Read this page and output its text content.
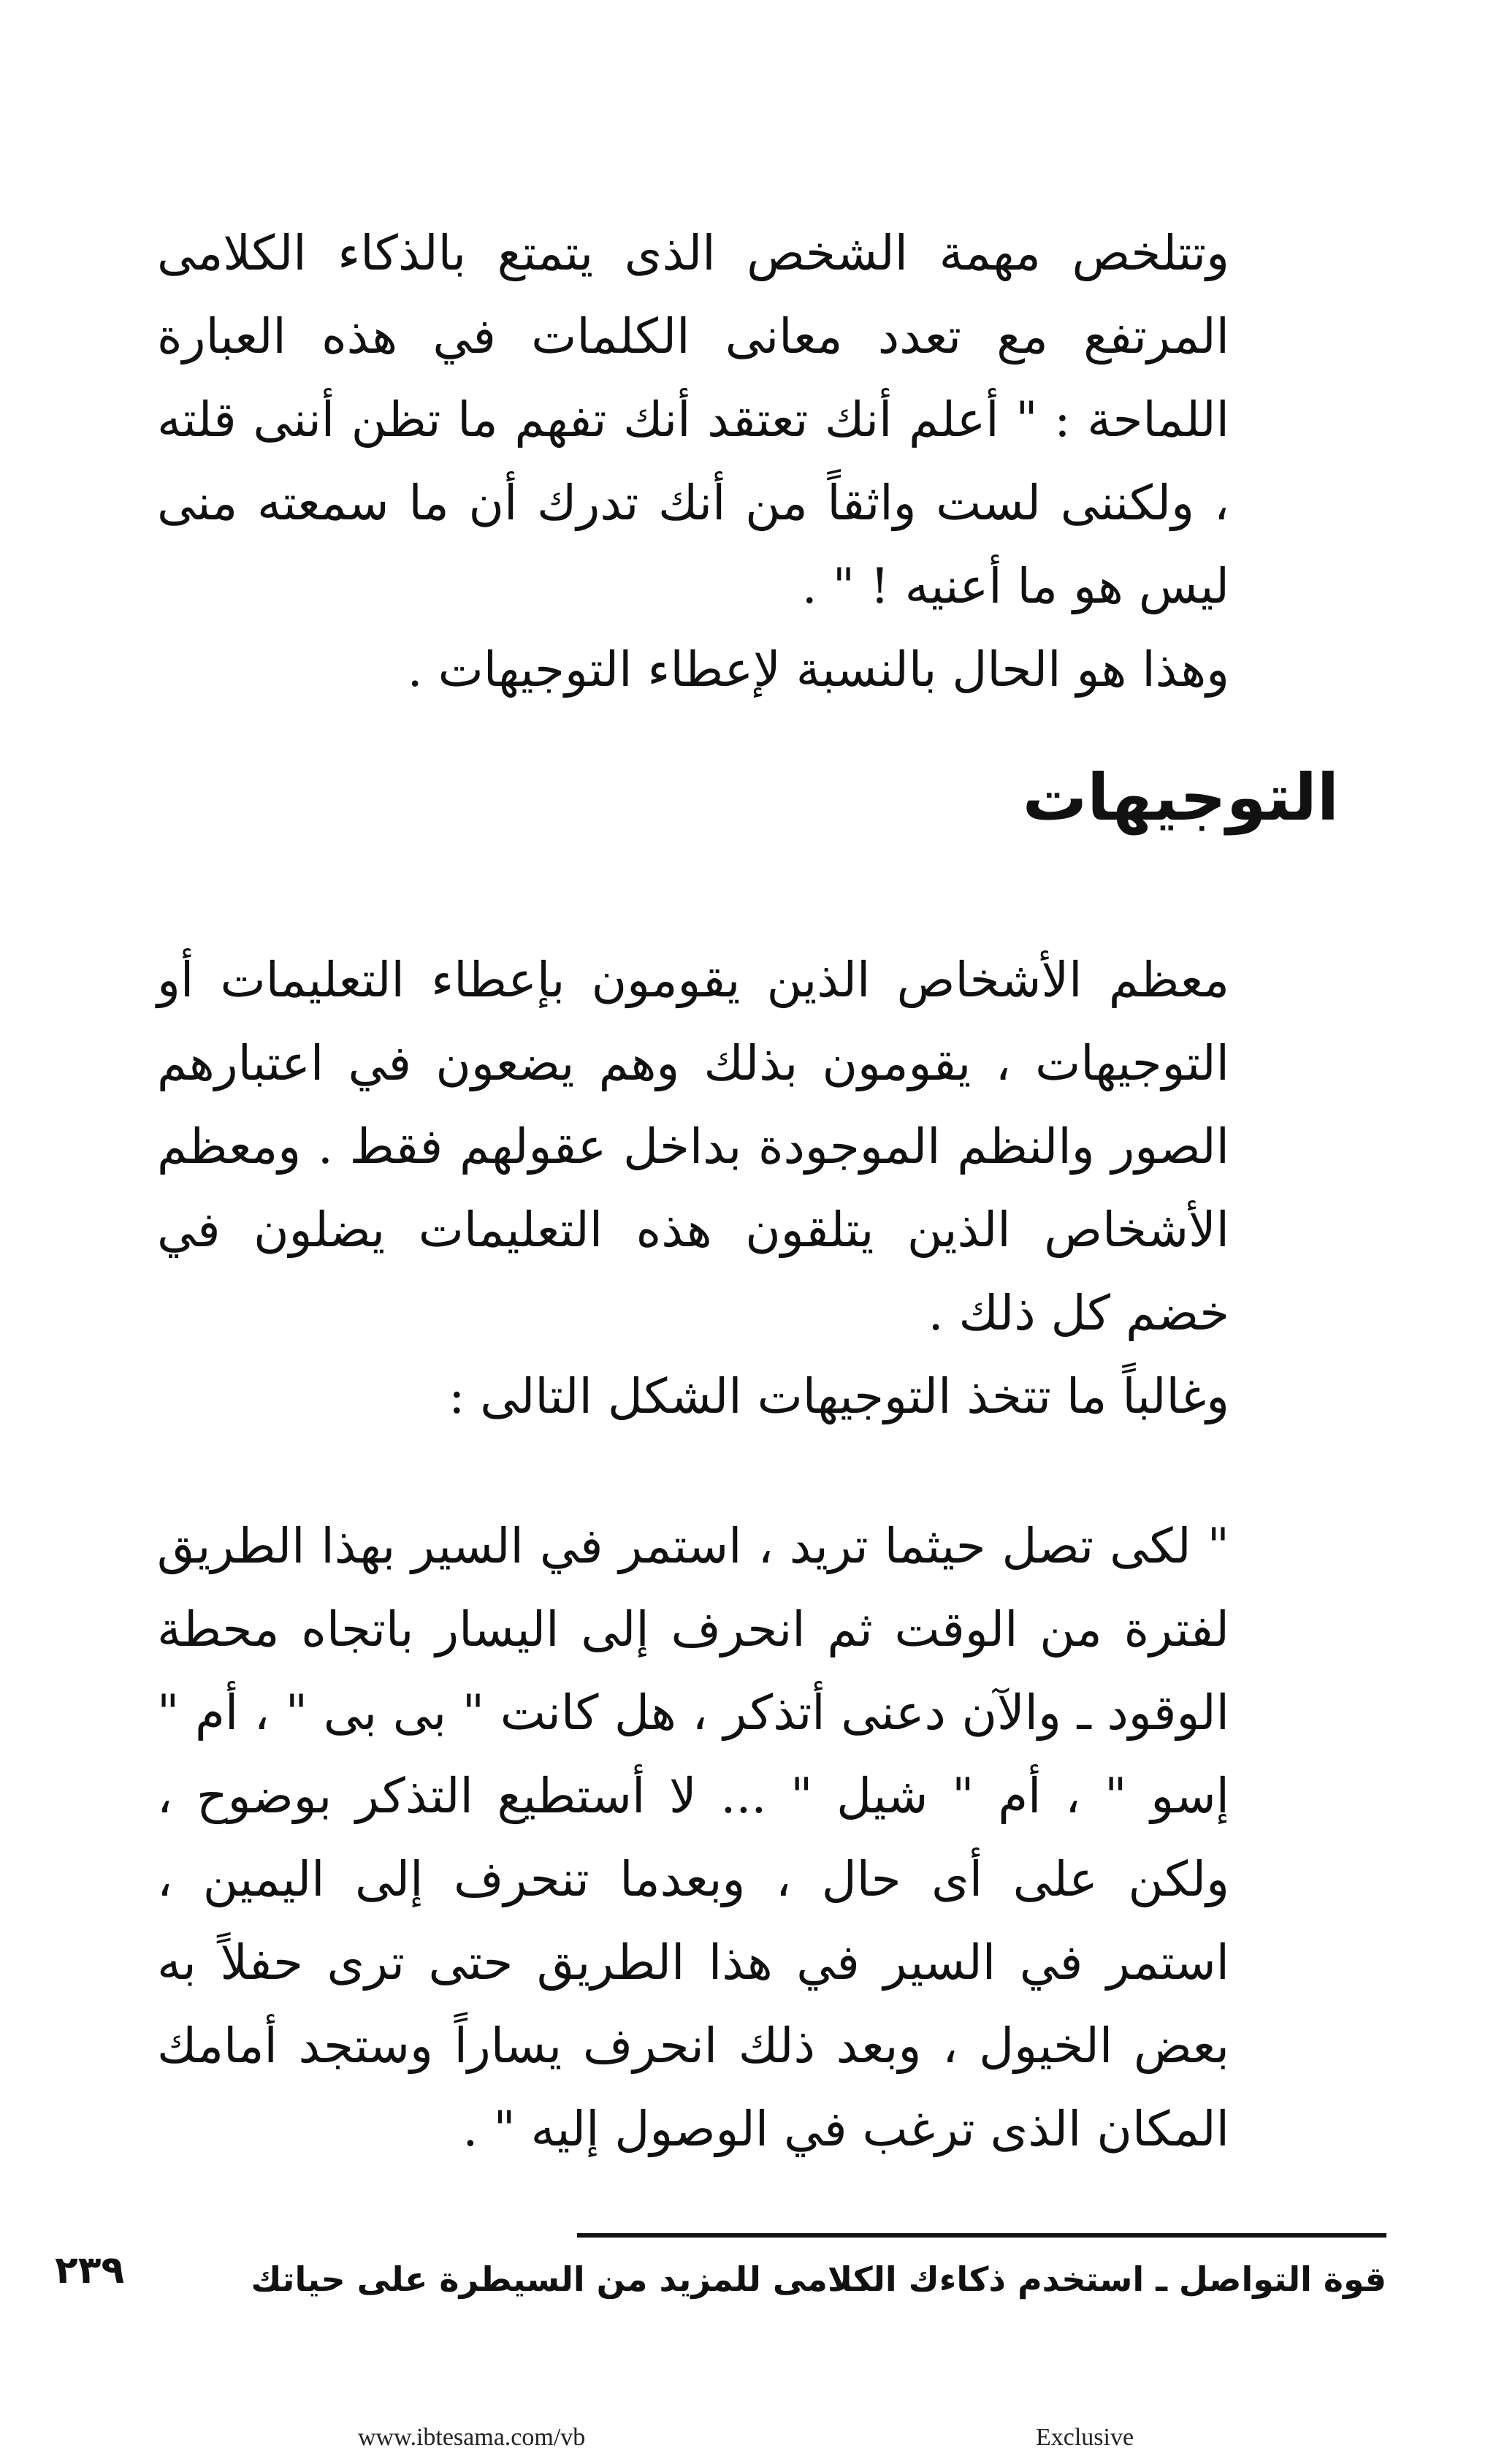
وتتلخص مهمة الشخص الذى يتمتع بالذكاء الكلامى المرتفع مع تعدد معانى الكلمات في هذه العبارة اللماحة : " أعلم أنك تعتقد أنك تفهم ما تظن أننى قلته ، ولكننى لست واثقاً من أنك تدرك أن ما سمعته منى ليس هو ما أعنيه ! " .

وهذا هو الحال بالنسبة لإعطاء التوجيهات .

التوجيهات

معظم الأشخاص الذين يقومون بإعطاء التعليمات أو التوجيهات ، يقومون بذلك وهم يضعون في اعتبارهم الصور والنظم الموجودة بداخل عقولهم فقط . ومعظم الأشخاص الذين يتلقون هذه التعليمات يضلون في خضم كل ذلك .

وغالباً ما تتخذ التوجيهات الشكل التالى :

" لكى تصل حيثما تريد ، استمر في السير بهذا الطريق لفترة من الوقت ثم انحرف إلى اليسار باتجاه محطة الوقود ـ والآن دعنى أتذكر ، هل كانت " بى بى " ، أم " إسو " ، أم " شيل " ... لا أستطيع التذكر بوضوح ، ولكن على أى حال ، وبعدما تنحرف إلى اليمين ، استمر في السير في هذا الطريق حتى ترى حفلاً به بعض الخيول ، وبعد ذلك انحرف يساراً وستجد أمامك المكان الذى ترغب في الوصول إليه " .

قوة التواصل ـ استخدم ذكاءك الكلامى للمزيد من السيطرة على حياتك
٢٣٩
www.ibtesama.com/vb	Exclusive
